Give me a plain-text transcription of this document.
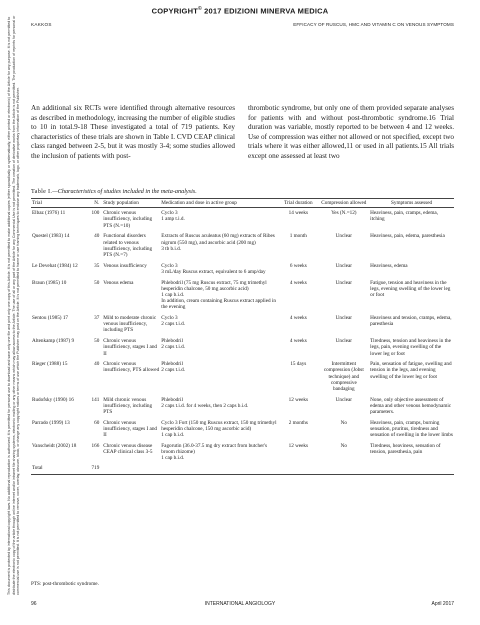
This document is protected by international copyright laws. No additional reproduction is authorized. It is permitted for personal use to download and save only one file and print only one copy of this Article. It is not permitted to make additional copies (either sporadically or systematically, either printed or electronic) of the Article for any purpose. It is not permitted to distribute the electronic copy of the article through online internet and/or intranet file sharing systems, electronic mailing or any other means which may allow access to the Article. The use of all or any part of the Article for any Commercial Use is not permitted. The creation of derivative works from the Article is not permitted. The production of reprints for personal or commercial use is not permitted. It is not permitted to remove, cover, overlay, obscure, block, or change any copyright notices or terms of use which the Publisher may post on the Article. It is not permitted to frame or use framing techniques to enclose any trademark, logo, or other proprietary information of the Publisher.
COPYRIGHT© 2017 EDIZIONI MINERVA MEDICA
KAKKOS	EFFICACY OF RUSCUS, HMC AND VITAMIN C ON VENOUS SYMPTOMS
An additional six RCTs were identified through alternative resources as described in methodology, increasing the number of eligible studies to 10 in total.9-18 These investigated a total of 719 patients. Key characteristics of these trials are shown in Table I. CVD CEAP clinical class ranged between 2-5, but it was mostly 3-4; some studies allowed the inclusion of patients with post-
thrombotic syndrome, but only one of them provided separate analyses for patients with and without post-thrombotic syndrome.16 Trial duration was variable, mostly reported to be between 4 and 12 weeks. Use of compression was either not allowed or not specified, except two trials where it was either allowed,11 or used in all patients.15 All trials except one assessed at least two
Table I.—Characteristics of studies included in the meta-analysis.
Trial	N.	Study population	Medication and dose in active group	Trial duration	Compression allowed	Symptoms assessed
Elbaz (1976) 11	100	Chronic venous insufficiency, including PTS (N.=10)	Cyclo 3
1 amp t.i.d.	14 weeks	Yes (N.=12)	Heaviness, pain, cramps, edema, itching
Questel (1983) 14	40	Functional disorders related to venous insufficiency, including PTS (N.=7)	Extracts of Ruscus aculeatus (60 mg) extracts of Ribes nigrum (550 mg), and ascorbic acid (200 mg)
3 tb b.i.d.	1 month	Unclear	Heaviness, pain, edema, paresthesia
Le Devehat (1984) 12	35	Venous insufficiency	Cyclo 3
3 mL/day Ruscus extract, equivalent to 6 amp/day	6 weeks	Unclear	Heaviness, edema
Braun (1985) 10	50	Venous edema	Phlebodril (75 mg Ruscus extract, 75 mg trimethyl hesperidin chalcone, 50 mg ascorbic acid)
1 cap b.i.d.
In addition, cream containing Ruscus extract applied in the evening	4 weeks	Unclear	Fatigue, tension and heaviness in the legs, evening swelling of the lower leg or foot
Sentou (1985) 17	37	Mild to moderate chronic venous insufficiency, including PTS	Cyclo 3
2 caps t.i.d.	4 weeks	Unclear	Heaviness and tension, cramps, edema, paresthesia
Altenkamp (1987) 9	50	Chronic venous insufficiency, stages I and II	Phlebodril
2 caps t.i.d.	4 weeks	Unclear	Tiredness, tension and heaviness in the legs, pain, evening swelling of the lower leg or foot
Rieger (1988) 15	40	Chronic venous insufficiency, PTS allowed	Phlebodril
2 caps t.i.d.	15 days	Intermittent compression (Jobst technique) and compressive bandaging	Pain, sensation of fatigue, swelling and tension in the legs, and evening swelling of the lower leg or foot
Rudofsky (1990) 16	141	Mild chronic venous insufficiency, including PTS	Phlebodril
2 caps t.i.d. for 4 weeks, then 2 caps b.i.d.	12 weeks	Unclear	None, only objective assessment of edema and other venous hemodynamic parameters.
Parrado (1999) 13	60	Chronic venous insufficiency, stages I and II	Cyclo 3 Fort (150 mg Ruscus extract, 150 mg trimethyl hesperidin chalcone, 150 mg ascorbic acid)
1 cap b.i.d.	2 months	No	Heaviness, pain, cramps, burning sensation, pruritus, tiredness and sensation of swelling in the lower limbs
Vanscheidt (2002) 18	166	Chronic venous disease CEAP clinical class 3-5	Fagorutin (36.0-37.5 mg dry extract from butcher's broom rhizome)
1 cap b.i.d.	12 weeks	No	Tiredness, heaviness, sensation of tension, paresthesia, pain
Total	719					
PTS: post-thrombotic syndrome.
96	INTERNATIONAL ANGIOLOGY	April 2017
